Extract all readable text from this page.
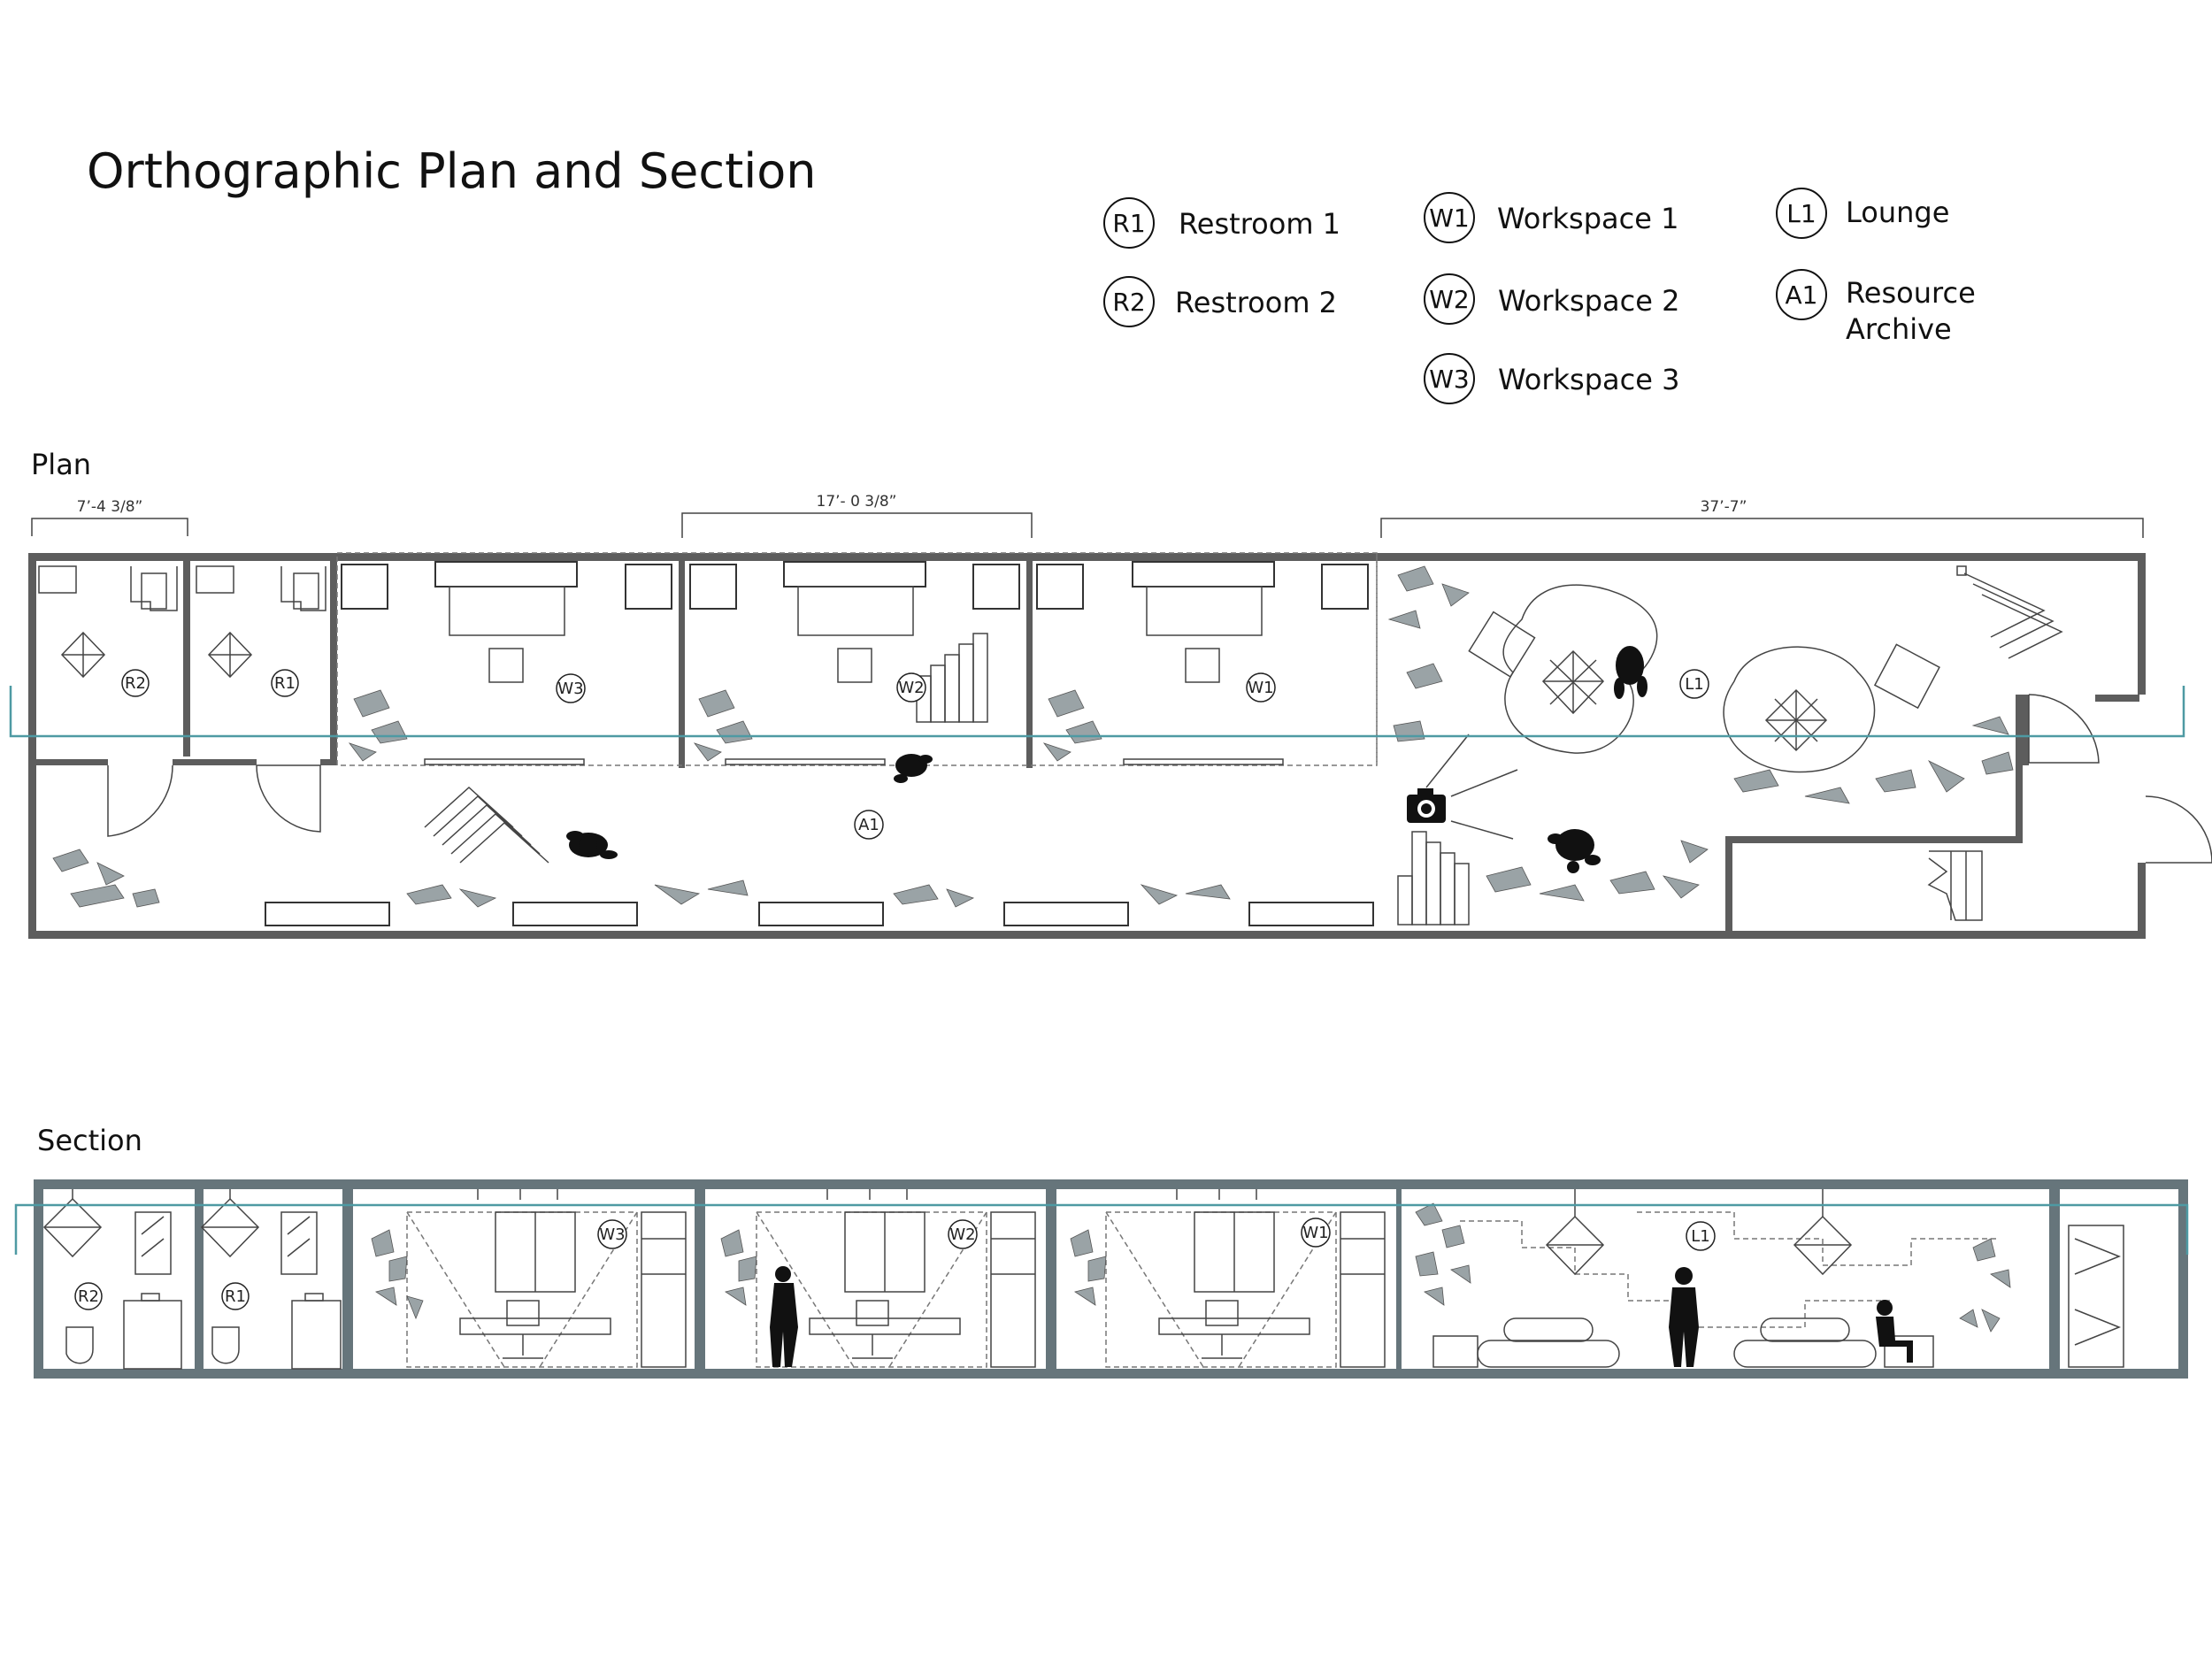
Orthographic Plan and Section
R1 Restroom 1
R2 Restroom 2
W1 Workspace 1
W2 Workspace 2
W3 Workspace 3
L1 Lounge
A1 Resource
Archive
Plan
7’-4 3/8”	17’- 0 3/8”	37’-7”
R2	R1	W3	W2	W1	L1
A1
Section
R2	R1
W3	W2	W1	L1
